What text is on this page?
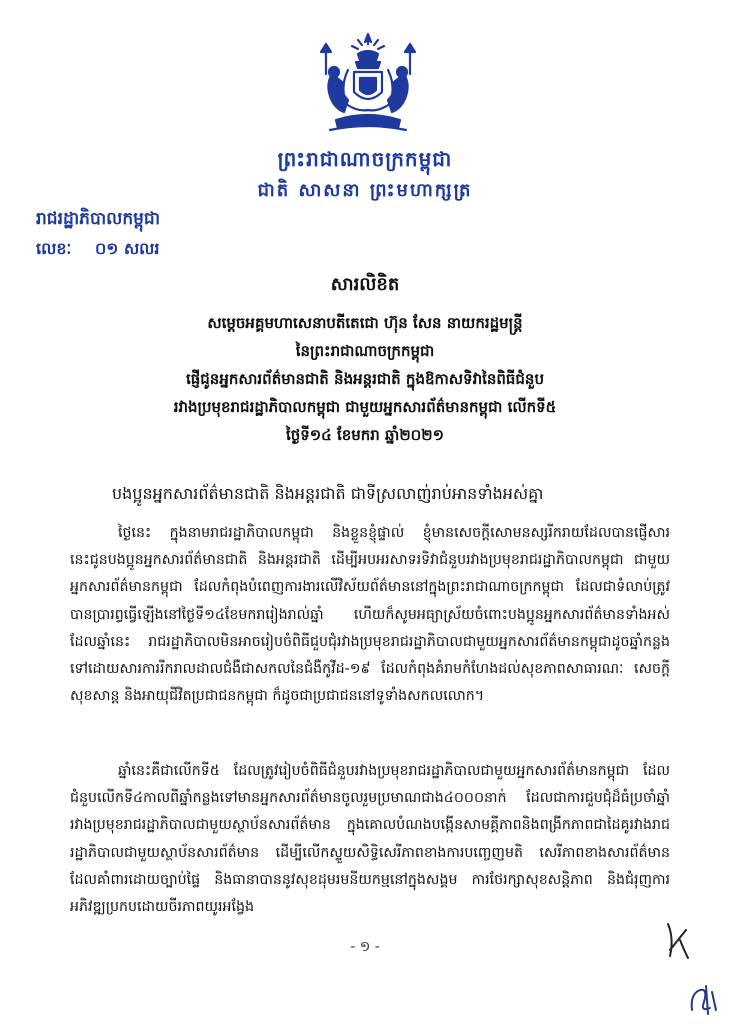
ព្រះរាជាណាចក្រកម្ពុជា
ជាតិ សាសនា ព្រះមហាក្សត្រ
រាជរដ្ឋាភិបាលកម្ពុជា
លេខៈ ០១ សលរ
សារលិខិត
សម្តេចអគ្គមហាសេនាបតីតេជោ ហ៊ុន សែន នាយករដ្ឋមន្ត្រី
នៃព្រះរាជាណាចក្រកម្ពុជា
ផ្ញើជូនអ្នកសារព័ត៌មានជាតិ និងអន្តរជាតិ ក្នុងឱកាសទិវានៃពិធីជំនួប
រវាងប្រមុខរាជរដ្ឋាភិបាលកម្ពុជា ជាមួយអ្នកសារព័ត៌មានកម្ពុជា លើកទី៥
ថ្ងៃទី១៤ ខែមករា ឆ្នាំ២០២១
បងប្អូនអ្នកសារព័ត៌មានជាតិ និងអន្តរជាតិ ជាទីស្រលាញ់រាប់អានទាំងអស់គ្នា
ថ្ងៃនេះ ក្នុងនាមរាជរដ្ឋាភិបាលកម្ពុជា និងខ្លួនខ្ញុំផ្ទាល់ ខ្ញុំមានសេចក្តីសោមនស្សរីករាយដែលបានផ្ញើសារនេះជូនបងប្អូនអ្នកសារព័ត៌មានជាតិ និងអន្តរជាតិ ដើម្បីអបអរសាទរទិវាជំនួបរវាងប្រមុខរាជរដ្ឋាភិបាលកម្ពុជា ជាមួយអ្នកសារព័ត៌មានកម្ពុជា ដែលកំពុងបំពេញការងារលើវិស័យព័ត៌មាននៅក្នុងព្រះរាជាណាចក្រកម្ពុជា ដែលជាទំលាប់ត្រូវបានប្រារព្ធធ្វើឡើងនៅថ្ងៃទី១៤ខែមករារៀងរាល់ឆ្នាំ ហើយក៏សូមអធ្យាស្រ័យចំពោះបងប្អូនអ្នកសារព័ត៌មានទាំងអស់ដែលឆ្នាំនេះ រាជរដ្ឋាភិបាលមិនអាចរៀបចំពិធីជួបជុំរវាងប្រមុខរាជរដ្ឋាភិបាលជាមួយអ្នកសារព័ត៌មានកម្ពុជាដូចឆ្នាំកន្លងទៅដោយសារការរីករាលដាលជំងឺជាសកលនៃជំងឺកូវីដ-១៩ ដែលកំពុងគំរាមកំហែងដល់សុខភាពសាធារណៈ សេចក្តីសុខសាន្ត និងអាយុជីវិតប្រជាជនកម្ពុជា ក៏ដូចជាប្រជាជននៅទូទាំងសកលលោក។
ឆ្នាំនេះគឺជាលើកទី៥ ដែលត្រូវរៀបចំពិធីជំនួបរវាងប្រមុខរាជរដ្ឋាភិបាលជាមួយអ្នកសារព័ត៌មានកម្ពុជា ដែលជំនួបលើកទី៤កាលពីឆ្នាំកន្លងទៅមានអ្នកសារព័ត៌មានចូលរួមប្រមាណជាង៤០០០នាក់ ដែលជាការជួបជុំដ៏ធំប្រចាំឆ្នាំរវាងប្រមុខរាជរដ្ឋាភិបាលជាមួយស្ថាប័នសារព័ត៌មាន ក្នុងគោលបំណងបង្កើនសាមគ្គីភាពនិងពង្រីកភាពជាដៃគូរវាងរាជរដ្ឋាភិបាលជាមួយស្ថាប័នសារព័ត៌មាន ដើម្បីលើកស្ទួយសិទ្ធិសេរីភាពខាងការបញ្ចេញមតិ សេរីភាពខាងសារព័ត៌មានដែលគាំពារដោយច្បាប់ផ្ទៃ និងធានាបាននូវសុខដុមរមនីយកម្មនៅក្នុងសង្គម ការថែរក្សាសុខសន្តិភាព និងជំរុញការអភិវឌ្ឍប្រកបដោយចីរភាពយូរអង្វែង
- ១ -
